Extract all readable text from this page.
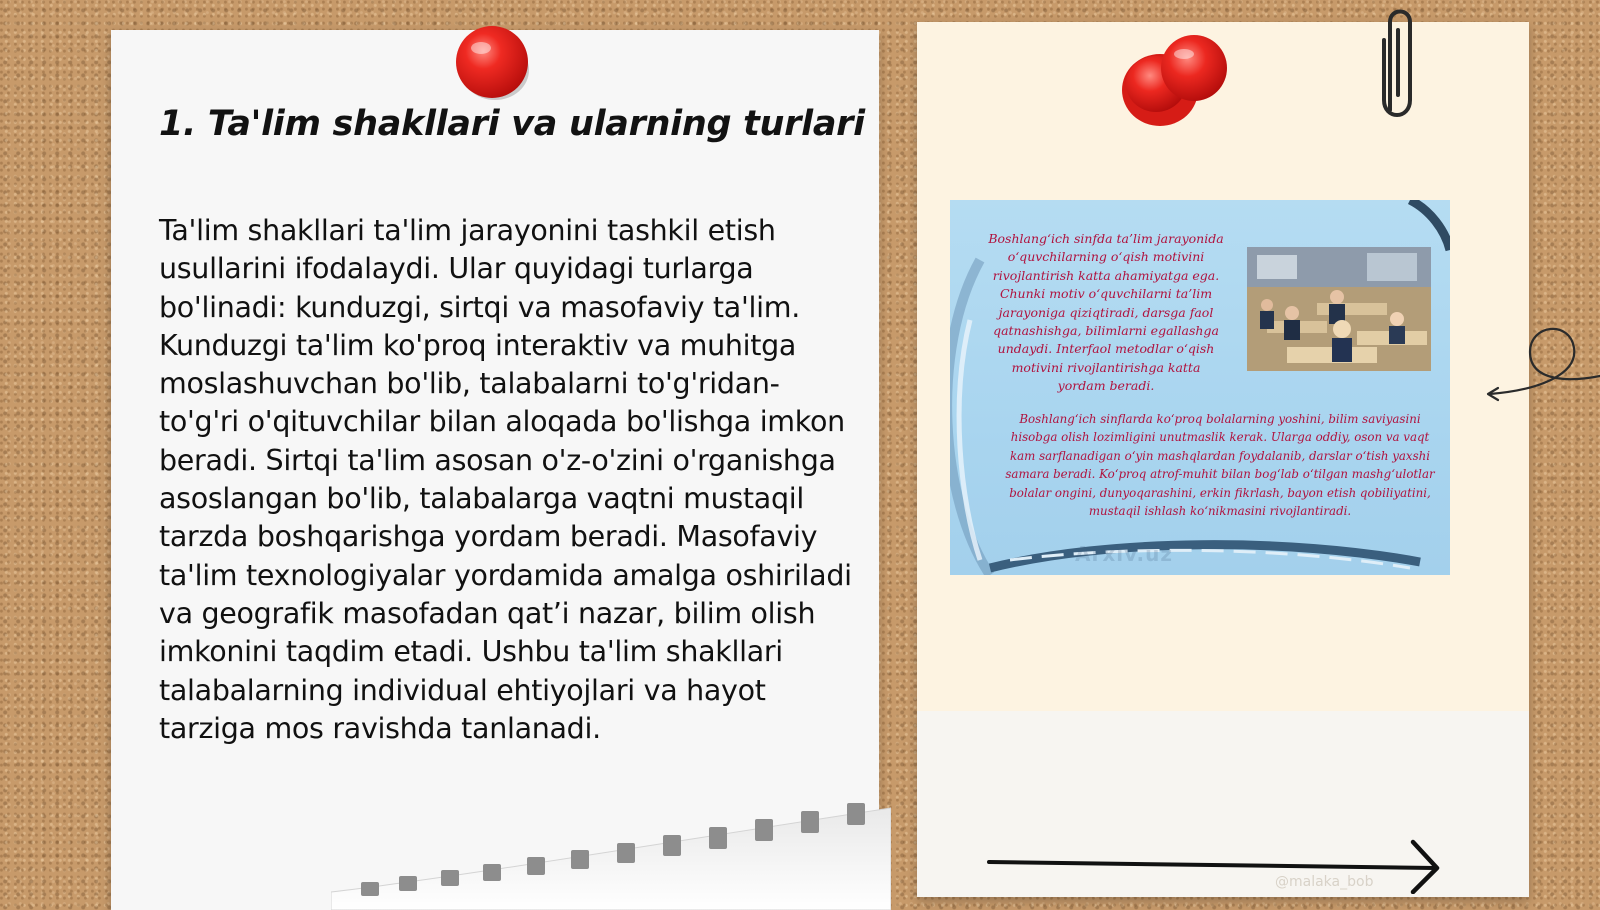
1. Ta'lim shakllari va ularning turlari

Ta'lim shakllari ta'lim jarayonini tashkil etish usullarini ifodalaydi. Ular quyidagi turlarga bo'linadi: kunduzgi, sirtqi va masofaviy ta'lim. Kunduzgi ta'lim ko'proq interaktiv va muhitga moslashuvchan bo'lib, talabalarni to'g'ridan-to'g'ri o'qituvchilar bilan aloqada bo'lishga imkon beradi. Sirtqi ta'lim asosan o'z-o'zini o'rganishga asoslangan bo'lib, talabalarga vaqtni mustaqil tarzda boshqarishga yordam beradi. Masofaviy ta'lim texnologiyalar yordamida amalga oshiriladi va geografik masofadan qat’i nazar, bilim olish imkonini taqdim etadi. Ushbu ta'lim shakllari talabalarning individual ehtiyojlari va hayot tarziga mos ravishda tanlanadi.

Boshlang‘ich sinfda ta’lim jarayonida o‘quvchilarning o‘qish motivini rivojlantirish katta ahamiyatga ega. Chunki motiv o‘quvchilarni ta’lim jarayoniga qiziqtiradi, darsga faol qatnashishga, bilimlarni egallashga undaydi. Interfaol metodlar o‘qish motivini rivojlantirishga katta yordam beradi.

Boshlang‘ich sinflarda ko‘proq bolalarning yoshini, bilim saviyasini hisobga olish lozimligini unutmaslik kerak. Ularga oddiy, oson va vaqt kam sarflanadigan o‘yin mashqlardan foydalanib, darslar o‘tish yaxshi samara beradi. Ko‘proq atrof-muhit bilan bog‘lab o‘tilgan mashg‘ulotlar bolalar ongini, dunyoqarashini, erkin fikrlash, bayon etish qobiliyatini, mustaqil ishlash ko‘nikmasini rivojlantiradi.

Arxiv.uz
@malaka_bob
